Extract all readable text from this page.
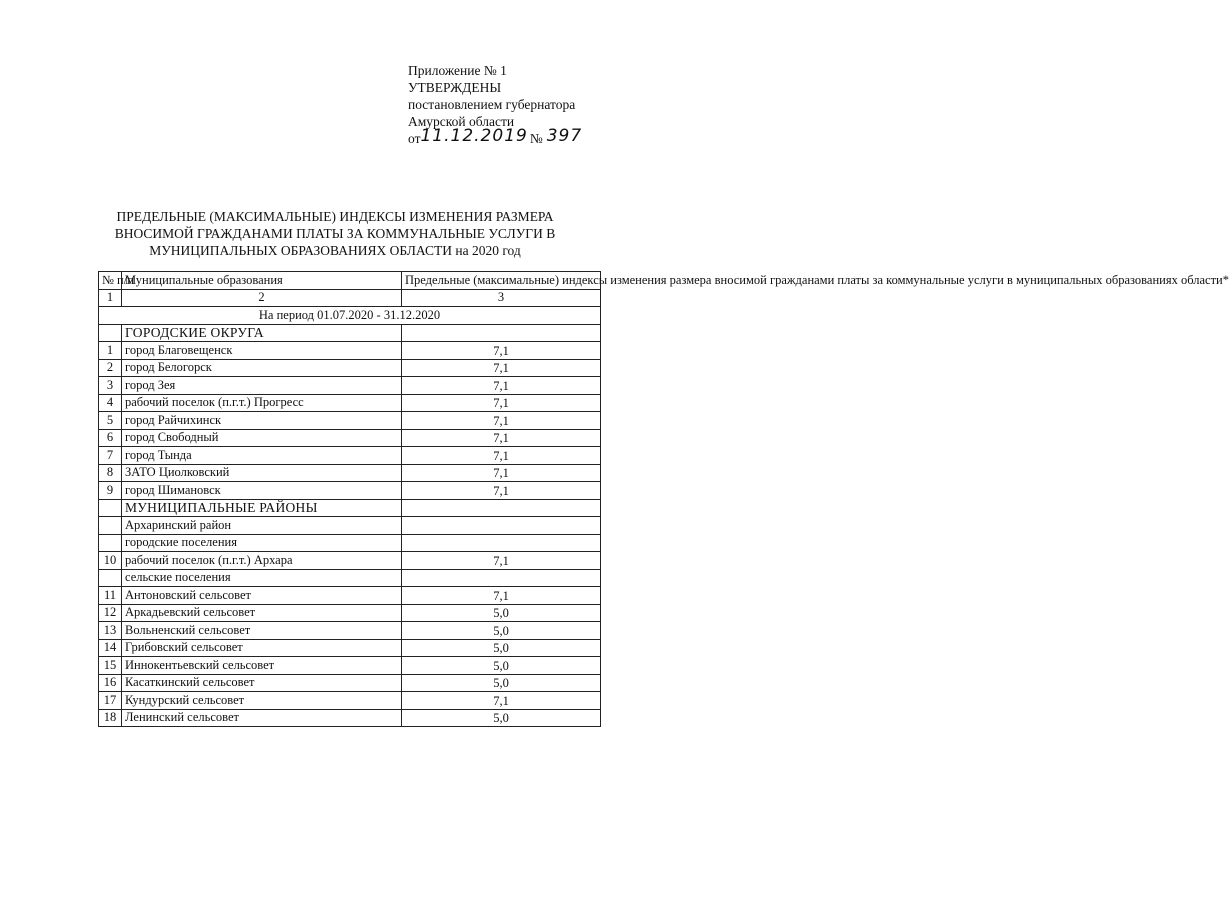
Приложение № 1
УТВЕРЖДЕНЫ
постановлением губернатора
Амурской области
от11.12.2019 № 397
ПРЕДЕЛЬНЫЕ (МАКСИМАЛЬНЫЕ) ИНДЕКСЫ ИЗМЕНЕНИЯ РАЗМЕРА
ВНОСИМОЙ ГРАЖДАНАМИ ПЛАТЫ ЗА КОММУНАЛЬНЫЕ УСЛУГИ В
МУНИЦИПАЛЬНЫХ ОБРАЗОВАНИЯХ ОБЛАСТИ на 2020 год
№ п/п	Муниципальные образования	Предельные (максимальные) индексы изменения размера вносимой гражданами платы за коммунальные услуги в муниципальных образованиях области*
1	2	3
На период 01.07.2020 - 31.12.2020		
	ГОРОДСКИЕ ОКРУГА	
1	город Благовещенск	7,1
2	город Белогорск	7,1
3	город Зея	7,1
4	рабочий поселок (п.г.т.) Прогресс	7,1
5	город Райчихинск	7,1
6	город Свободный	7,1
7	город Тында	7,1
8	ЗАТО Циолковский	7,1
9	город Шимановск	7,1
	МУНИЦИПАЛЬНЫЕ РАЙОНЫ	
	Архаринский район	
	городские поселения	
10	рабочий поселок (п.г.т.) Архара	7,1
	сельские поселения	
11	Антоновский сельсовет	7,1
12	Аркадьевский сельсовет	5,0
13	Вольненский сельсовет	5,0
14	Грибовский сельсовет	5,0
15	Иннокентьевский сельсовет	5,0
16	Касаткинский сельсовет	5,0
17	Кундурский сельсовет	7,1
18	Ленинский сельсовет	5,0
